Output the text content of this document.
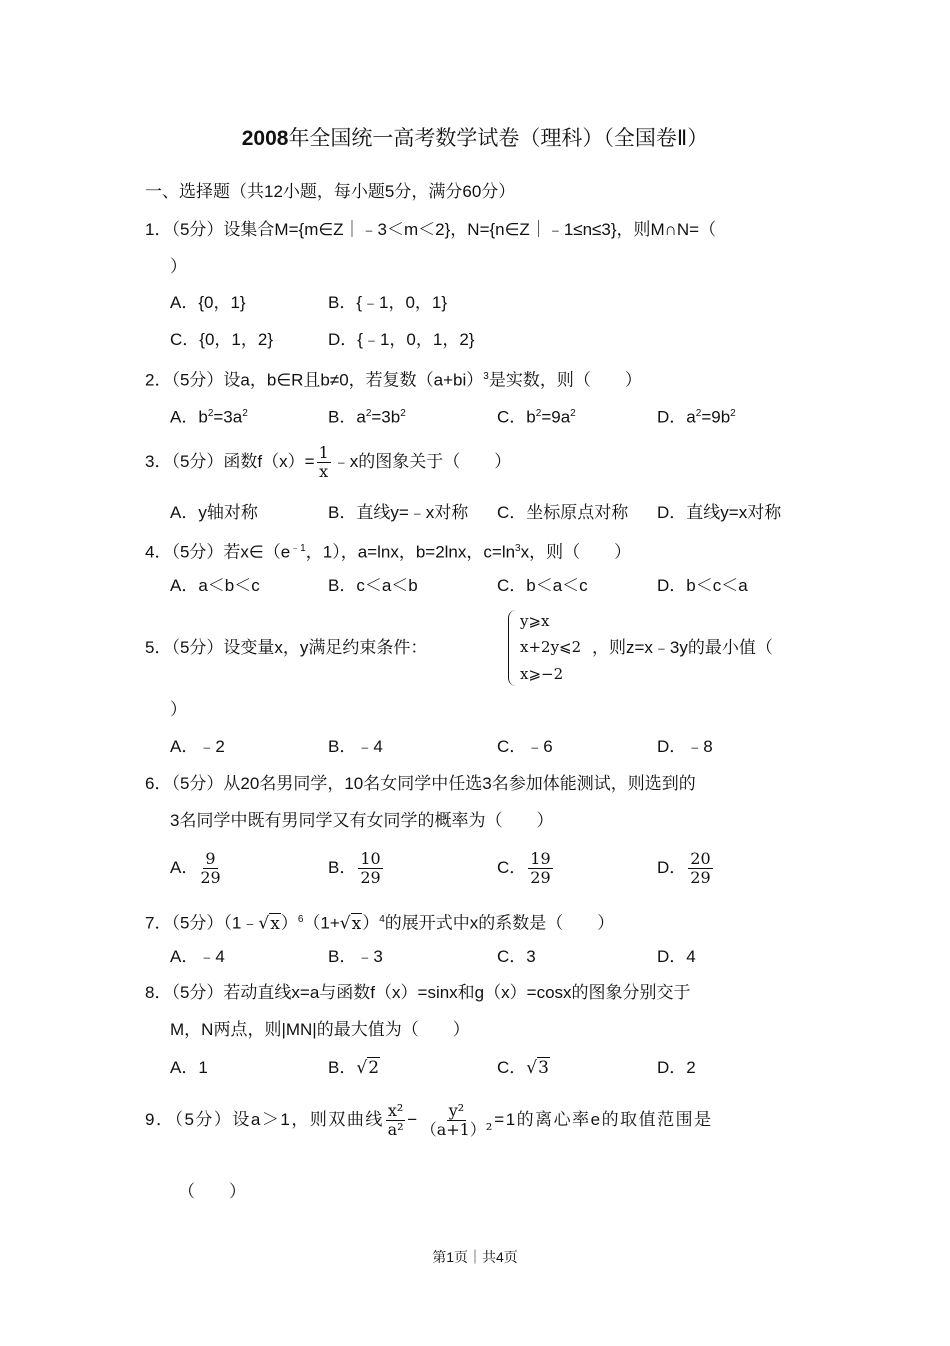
2008年全国统一高考数学试卷（理科）（全国卷Ⅱ）
一、选择题（共12小题，每小题5分，满分60分）
1．（5分）设集合M={m∈Z｜﹣3＜m＜2}，N={n∈Z｜﹣1≤n≤3}，则M∩N=（
）
A．{0，1}	B．{﹣1，0，1}
C．{0，1，2}	D．{﹣1，0，1，2}
2．（5分）设a，b∈R且b≠0，若复数$(a+bi)^3$是实数，则（　　）
A．$b^2=3a^2$	B．$a^2=3b^2$	C．$b^2=9a^2$	D．$a^2=9b^2$
3．（5分）函数$f(x)= \frac{1}{x}$ ﹣x的图象关于（　　）
A．y轴对称	B．直线y=﹣x对称 C．坐标原点对称 D．直线y=x对称
4．（5分）若$x\in(e^{﹣1}$，1），a=lnx，b=2lnx，$c=\ln^3x$，则（　　）
A．a＜b＜c	B．c＜a＜b	C．b＜a＜c	D．b＜c＜a
5．（5分）设变量x，y满足约束条件：
y⩾x
x+2y⩽2
x⩾−2
，则z=x﹣3y的最小值（
）
A．﹣2	B．﹣4	C．﹣6	D．﹣8
6．（5分）从20名男同学，10名女同学中任选3名参加体能测试，则选到的
3名同学中既有男同学又有女同学的概率为（　　）
A． $\frac{9}{29}$	B． $\frac{10}{29}$	C． $\frac{19}{29}$	D． $\frac{20}{29}$
7．（5分）$(1﹣√x)^6(1+√x)^4$的展开式中x的系数是（　　）
A．﹣4	B．﹣3	C．3	D．4
8．（5分）若动直线x=a与函数f（x）=sinx和g（x）=cosx的图象分别交于
M，N两点，则|MN|的最大值为（　　）
A．1	B．√2	C．√3	D．2
9．（5分）设a＞1，则双曲线 $\frac{\text{x²}}{\text{a²}} - \frac{\text{y²}}{\text{（a+1）²}} =1$的离心率e的取值范围是
（　　）
第1页｜共4页
